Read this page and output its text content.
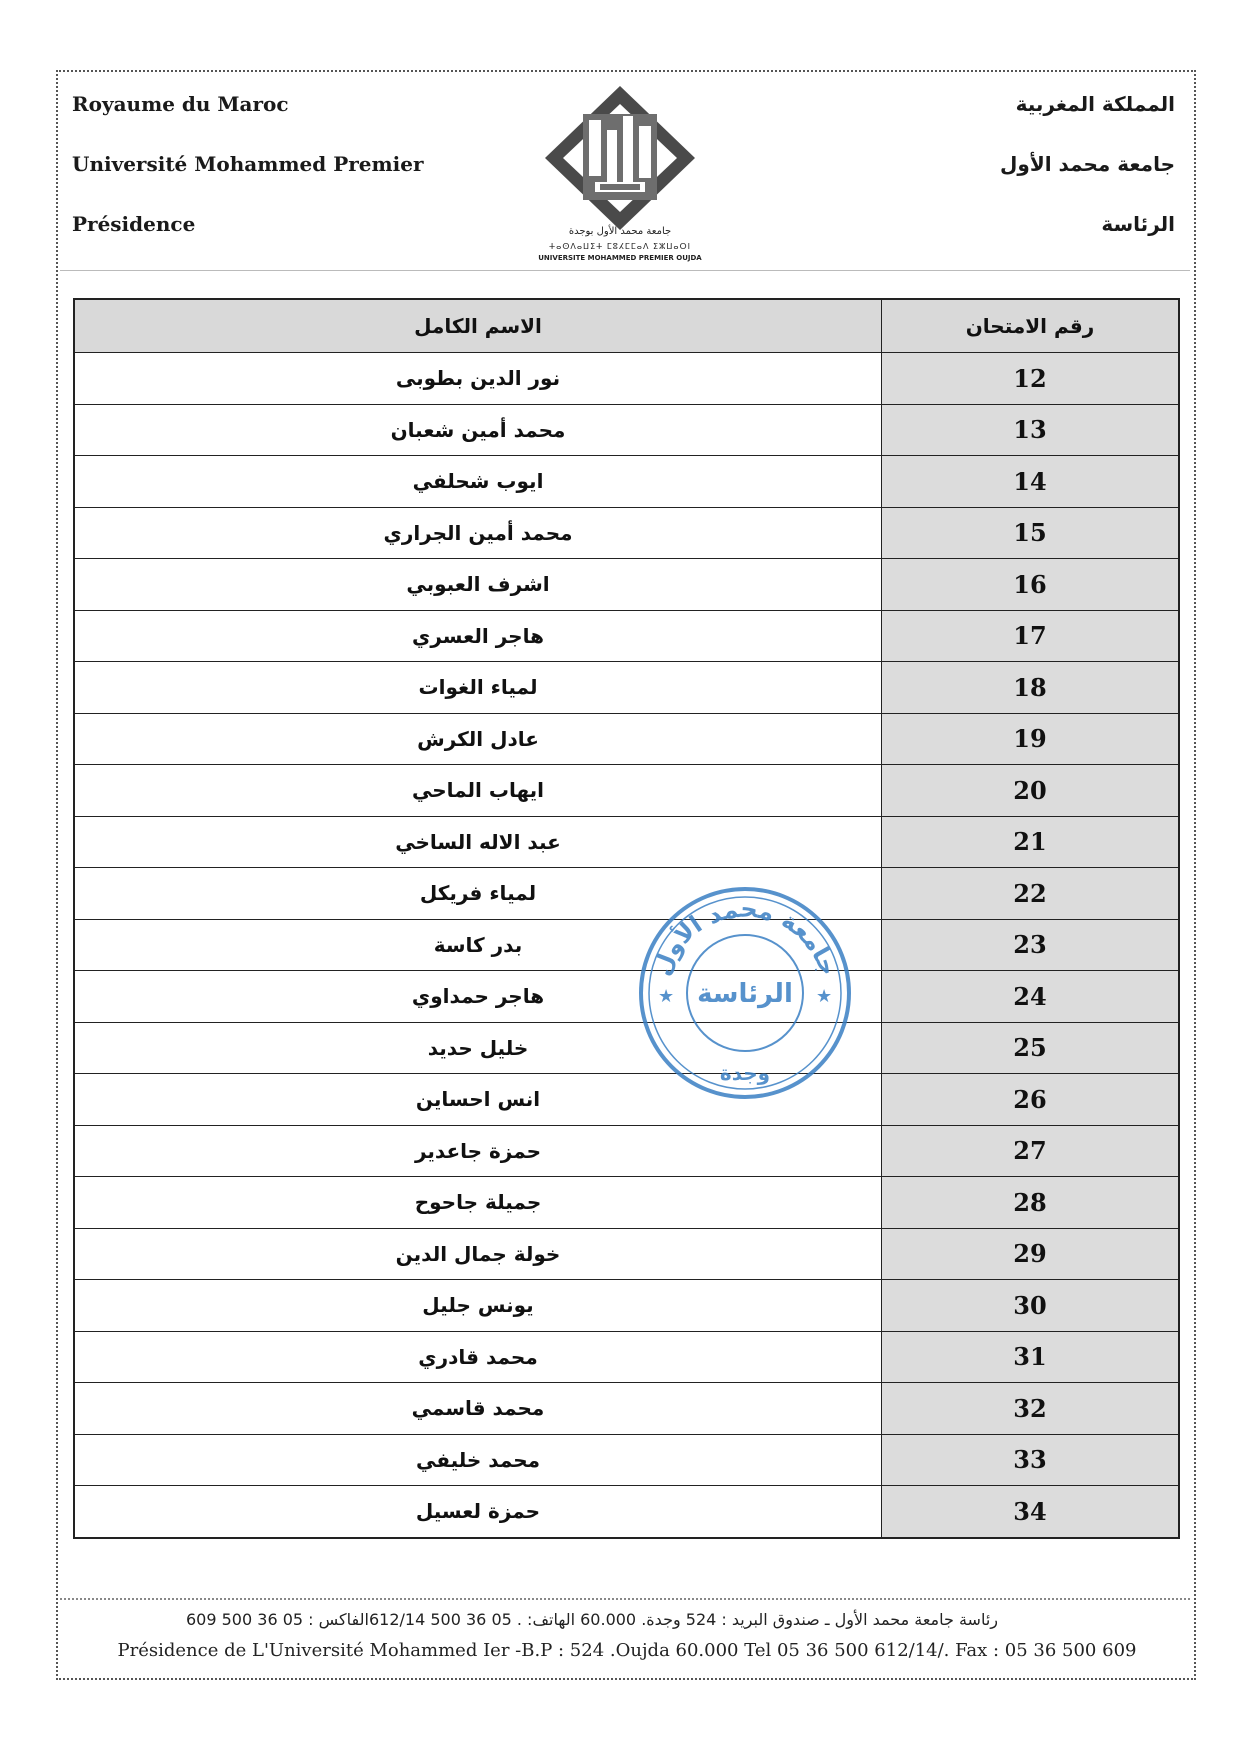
Royaume du Maroc
Université Mohammed Premier
Présidence
المملكة المغربية
جامعة محمد الأول
الرئاسة
جامعة محمد الأول بوجدة
ⵜⴰⵙⴷⴰⵡⵉⵜ ⵎⵓⵃⵎⵎⴰⴷ ⵉⵣⵡⴰⵔⵏ
UNIVERSITE MOHAMMED PREMIER OUJDA
الاسم الكامل	رقم الامتحان
نور الدين بطوبى	12
محمد أمين شعبان	13
ايوب شحلفي	14
محمد أمين الجراري	15
اشرف العبوبي	16
هاجر العسري	17
لمياء الغوات	18
عادل الكرش	19
ايهاب الماحي	20
عبد الاله الساخي	21
لمياء فريكل	22
بدر كاسة	23
هاجر حمداوي	24
خليل حديد	25
انس احساين	26
حمزة جاعدير	27
جميلة جاحوح	28
خولة جمال الدين	29
يونس جليل	30
محمد قادري	31
محمد قاسمي	32
محمد خليفي	33
حمزة لعسيل	34
جامعة محمد الأول
الرئاسة
وجدة
★	★
رئاسة جامعة محمد الأول ـ صندوق البريد : 524 وجدة. 60.000 الهاتف: . 05 36 500 612/14الفاكس : 05 36 500 609
Présidence de L'Université Mohammed Ier -B.P : 524 .Oujda 60.000 Tel 05 36 500 612/14/. Fax : 05 36 500 609
